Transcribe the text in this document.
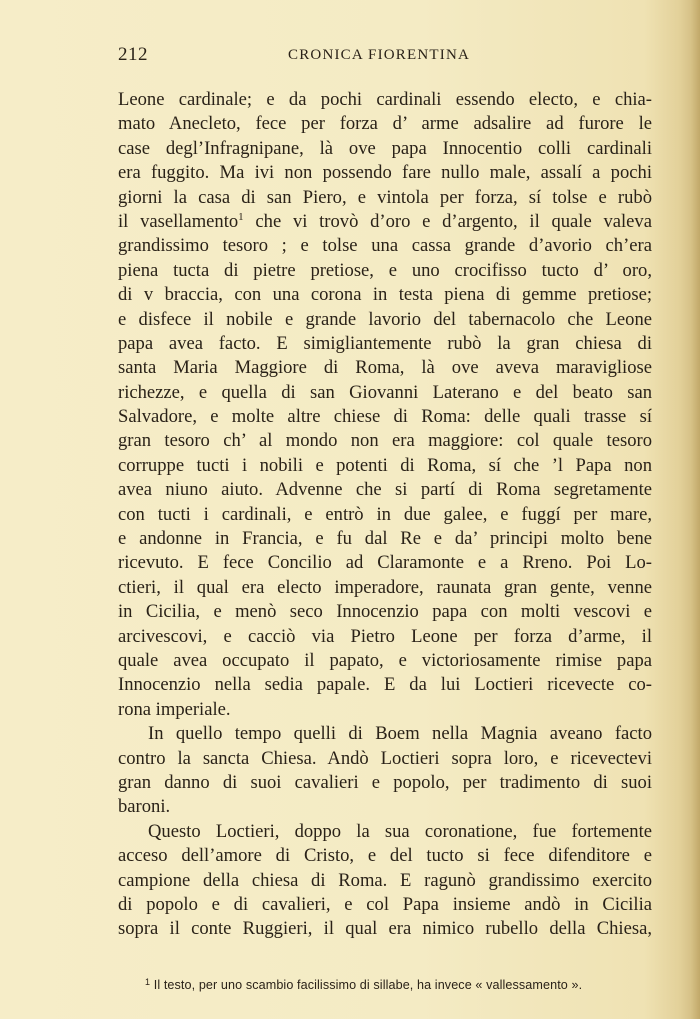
212	CRONICA FIORENTINA
Leone cardinale; e da pochi cardinali essendo electo, e chia-
mato Anecleto, fece per forza d’ arme adsalire ad furore le
case degl’Infragnipane, là ove papa Innocentio colli cardinali
era fuggito. Ma ivi non possendo fare nullo male, assalí a pochi
giorni la casa di san Piero, e vintola per forza, sí tolse e rubò
il vasellamento$^1$ che vi trovò d’oro e d’argento, il quale valeva
grandissimo tesoro ; e tolse una cassa grande d’avorio ch’era
piena tucta di pietre pretiose, e uno crocifisso tucto d’ oro,
di v braccia, con una corona in testa piena di gemme pretiose;
e disfece il nobile e grande lavorio del tabernacolo che Leone
papa avea facto. E simigliantemente rubò la gran chiesa di
santa Maria Maggiore di Roma, là ove aveva maravigliose
richezze, e quella di san Giovanni Laterano e del beato san
Salvadore, e molte altre chiese di Roma: delle quali trasse sí
gran tesoro ch’ al mondo non era maggiore: col quale tesoro
corruppe tucti i nobili e potenti di Roma, sí che ’l Papa non
avea niuno aiuto. Advenne che si partí di Roma segretamente
con tucti i cardinali, e entrò in due galee, e fuggí per mare,
e andonne in Francia, e fu dal Re e da’ principi molto bene
ricevuto. E fece Concilio ad Claramonte e a Rreno. Poi Lo-
ctieri, il qual era electo imperadore, raunata gran gente, venne
in Cicilia, e menò seco Innocenzio papa con molti vescovi e
arcivescovi, e cacciò via Pietro Leone per forza d’arme, il
quale avea occupato il papato, e victoriosamente rimise papa
Innocenzio nella sedia papale. E da lui Loctieri ricevecte co-
rona imperiale.
In quello tempo quelli di Boem nella Magnia aveano facto
contro la sancta Chiesa. Andò Loctieri sopra loro, e ricevectevi
gran danno di suoi cavalieri e popolo, per tradimento di suoi
baroni.
Questo Loctieri, doppo la sua coronatione, fue fortemente
acceso dell’amore di Cristo, e del tucto si fece difenditore e
campione della chiesa di Roma. E ragunò grandissimo exercito
di popolo e di cavalieri, e col Papa insieme andò in Cicilia
sopra il conte Ruggieri, il qual era nimico rubello della Chiesa,
$^1$ Il testo, per uno scambio facilissimo di sillabe, ha invece « vallessamento ».
